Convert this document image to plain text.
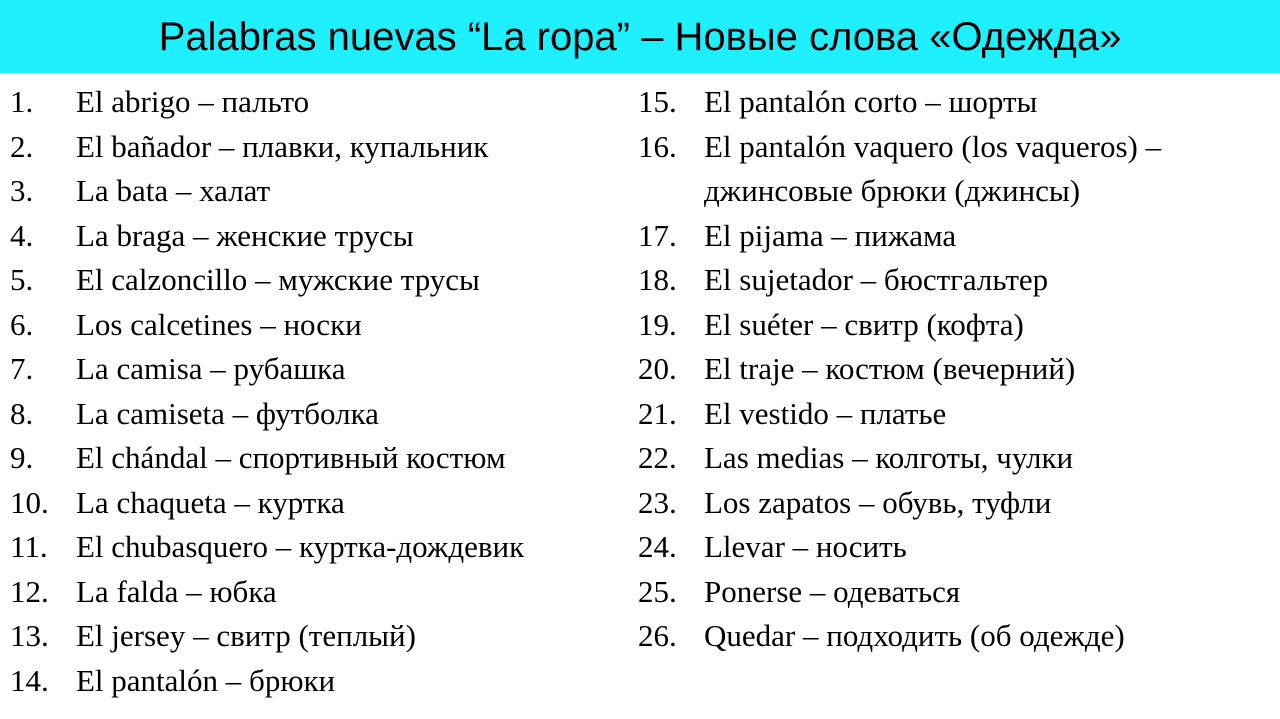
Palabras nuevas “La ropa” – Новые слова «Одежда»
1.	El abrigo – пальто
2.	El bañador – плавки, купальник
3.	La bata – халат
4.	La braga – женские трусы
5.	El calzoncillo – мужские трусы
6.	Los calcetines – носки
7.	La camisa – рубашка
8.	La camiseta – футболка
9.	El chándal – спортивный костюм
10. La chaqueta – куртка
11. El chubasquero – куртка-дождевик
12. La falda – юбка
13. El jersey – свитр (теплый)
14. El pantalón – брюки
15. El pantalón corto – шорты
16. El pantalón vaquero (los vaqueros) –
джинсовые брюки (джинсы)
17. El pijama – пижама
18. El sujetador – бюстгальтер
19. El suéter – свитр (кофта)
20. El traje – костюм (вечерний)
21. El vestido – платье
22. Las medias – колготы, чулки
23. Los zapatos – обувь, туфли
24. Llevar – носить
25. Ponerse – одеваться
26. Quedar – подходить (об одежде)
